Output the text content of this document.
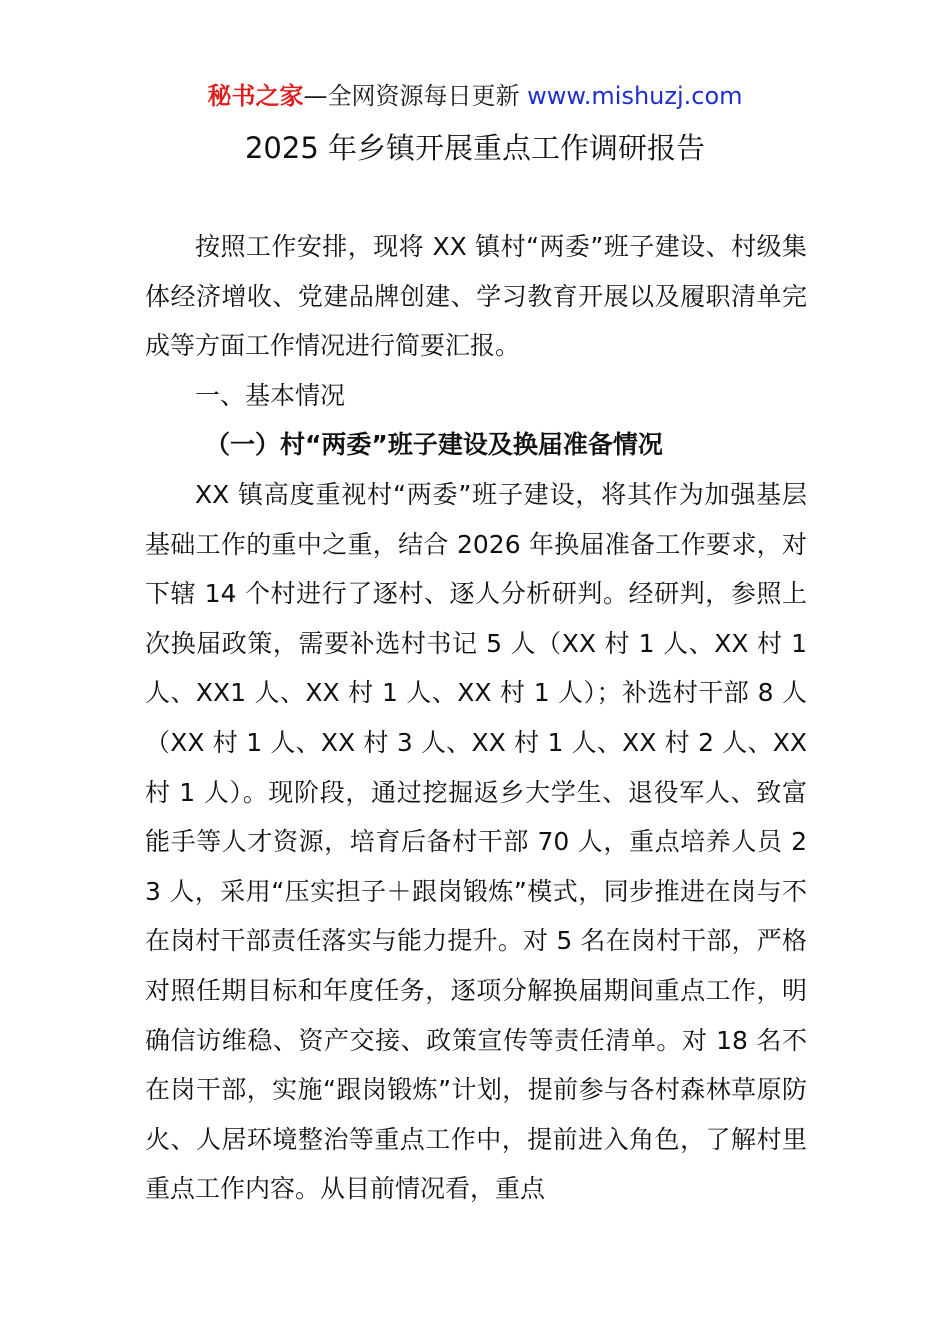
秘书之家—全网资源每日更新 www.mishuzj.com
2025 年乡镇开展重点工作调研报告

按照工作安排，现将 XX 镇村“两委”班子建设、村级集体经济增收、党建品牌创建、学习教育开展以及履职清单完成等方面工作情况进行简要汇报。

一、基本情况

（一）村“两委”班子建设及换届准备情况

XX 镇高度重视村“两委”班子建设，将其作为加强基层基础工作的重中之重，结合 2026 年换届准备工作要求，对下辖 14 个村进行了逐村、逐人分析研判。经研判，参照上次换届政策，需要补选村书记 5 人（XX 村 1 人、XX 村 1 人、XX1 人、XX 村 1 人、XX 村 1 人）；补选村干部 8 人（XX 村 1 人、XX 村 3 人、XX 村 1 人、XX 村 2 人、XX 村 1 人）。现阶段，通过挖掘返乡大学生、退役军人、致富能手等人才资源，培育后备村干部 70 人，重点培养人员 23 人，采用“压实担子＋跟岗锻炼”模式，同步推进在岗与不在岗村干部责任落实与能力提升。对 5 名在岗村干部，严格对照任期目标和年度任务，逐项分解换届期间重点工作，明确信访维稳、资产交接、政策宣传等责任清单。对 18 名不在岗干部，实施“跟岗锻炼”计划，提前参与各村森林草原防火、人居环境整治等重点工作中，提前进入角色，了解村里重点工作内容。从目前情况看，重点
